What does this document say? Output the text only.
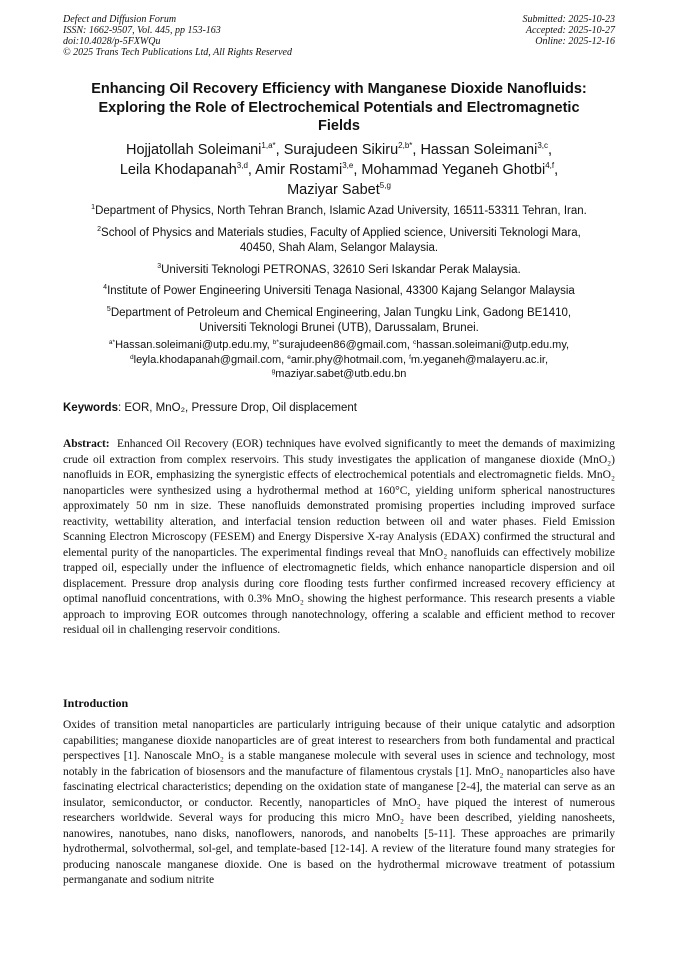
Defect and Diffusion Forum
ISSN: 1662-9507, Vol. 445, pp 153-163
doi:10.4028/p-5FXWQu
© 2025 Trans Tech Publications Ltd, All Rights Reserved
Submitted: 2025-10-23
Accepted: 2025-10-27
Online: 2025-12-16
Enhancing Oil Recovery Efficiency with Manganese Dioxide Nanofluids:
Exploring the Role of Electrochemical Potentials and Electromagnetic
Fields
Hojjatollah Soleimani$^{1,a*}$, Surajudeen Sikiru$^{2,b*}$, Hassan Soleimani$^{3,c}$,
Leila Khodapanah$^{3,d}$, Amir Rostami$^{3,e}$, Mohammad Yeganeh Ghotbi$^{4,f}$,
Maziyar Sabet$^{5,g}$
$^1$Department of Physics, North Tehran Branch, Islamic Azad University, 16511-53311 Tehran, Iran.
$^2$School of Physics and Materials studies, Faculty of Applied science, Universiti Teknologi Mara,
40450, Shah Alam, Selangor Malaysia.
$^3$Universiti Teknologi PETRONAS, 32610 Seri Iskandar Perak Malaysia.
$^4$Institute of Power Engineering Universiti Tenaga Nasional, 43300 Kajang Selangor Malaysia
$^5$Department of Petroleum and Chemical Engineering, Jalan Tungku Link, Gadong BE1410,
Universiti Teknologi Brunei (UTB), Darussalam, Brunei.
$^{a*}$Hassan.soleimani@utp.edu.my, $^{b*}$surajudeen86@gmail.com, $^c$hassan.soleimani@utp.edu.my,
$^d$leyla.khodapanah@gmail.com, $^e$amir.phy@hotmail.com, $^f$m.yeganeh@malayeru.ac.ir,
$^g$maziyar.sabet@utb.edu.bn
Keywords: EOR, MnO₂, Pressure Drop, Oil displacement

Abstract: Enhanced Oil Recovery (EOR) techniques have evolved significantly to meet the demands of maximizing crude oil extraction from complex reservoirs. This study investigates the application of manganese dioxide (MnO₂) nanofluids in EOR, emphasizing the synergistic effects of electrochemical potentials and electromagnetic fields. MnO₂ nanoparticles were synthesized using a hydrothermal method at 160°C, yielding uniform spherical nanostructures approximately 50 nm in size. These nanofluids demonstrated promising properties including improved surface reactivity, wettability alteration, and interfacial tension reduction between oil and water phases. Field Emission Scanning Electron Microscopy (FESEM) and Energy Dispersive X-ray Analysis (EDAX) confirmed the structural and elemental purity of the nanoparticles. The experimental findings reveal that MnO₂ nanofluids can effectively mobilize trapped oil, especially under the influence of electromagnetic fields, which enhance nanoparticle dispersion and oil displacement. Pressure drop analysis during core flooding tests further confirmed increased recovery efficiency at optimal nanofluid concentrations, with 0.3% MnO₂ showing the highest performance. This research presents a viable approach to improving EOR outcomes through nanotechnology, offering a scalable and efficient method to recover residual oil in challenging reservoir conditions.

Introduction

Oxides of transition metal nanoparticles are particularly intriguing because of their unique catalytic and adsorption capabilities; manganese dioxide nanoparticles are of great interest to researchers from both fundamental and practical perspectives [1]. Nanoscale MnO₂ is a stable manganese molecule with several uses in science and technology, most notably in the fabrication of biosensors and the manufacture of filamentous crystals [1]. MnO₂ nanoparticles also have fascinating electrical characteristics; depending on the oxidation state of manganese [2-4], the material can serve as an insulator, semiconductor, or conductor. Recently, nanoparticles of MnO₂ have piqued the interest of numerous researchers worldwide. Several ways for producing this micro MnO₂ have been described, yielding nanosheets, nanowires, nanotubes, nano disks, nanoflowers, nanorods, and nanobelts [5-11]. These approaches are primarily hydrothermal, solvothermal, sol-gel, and template-based [12-14]. A review of the literature found many strategies for producing nanoscale manganese dioxide. One is based on the hydrothermal microwave treatment of potassium permanganate and sodium nitrite
